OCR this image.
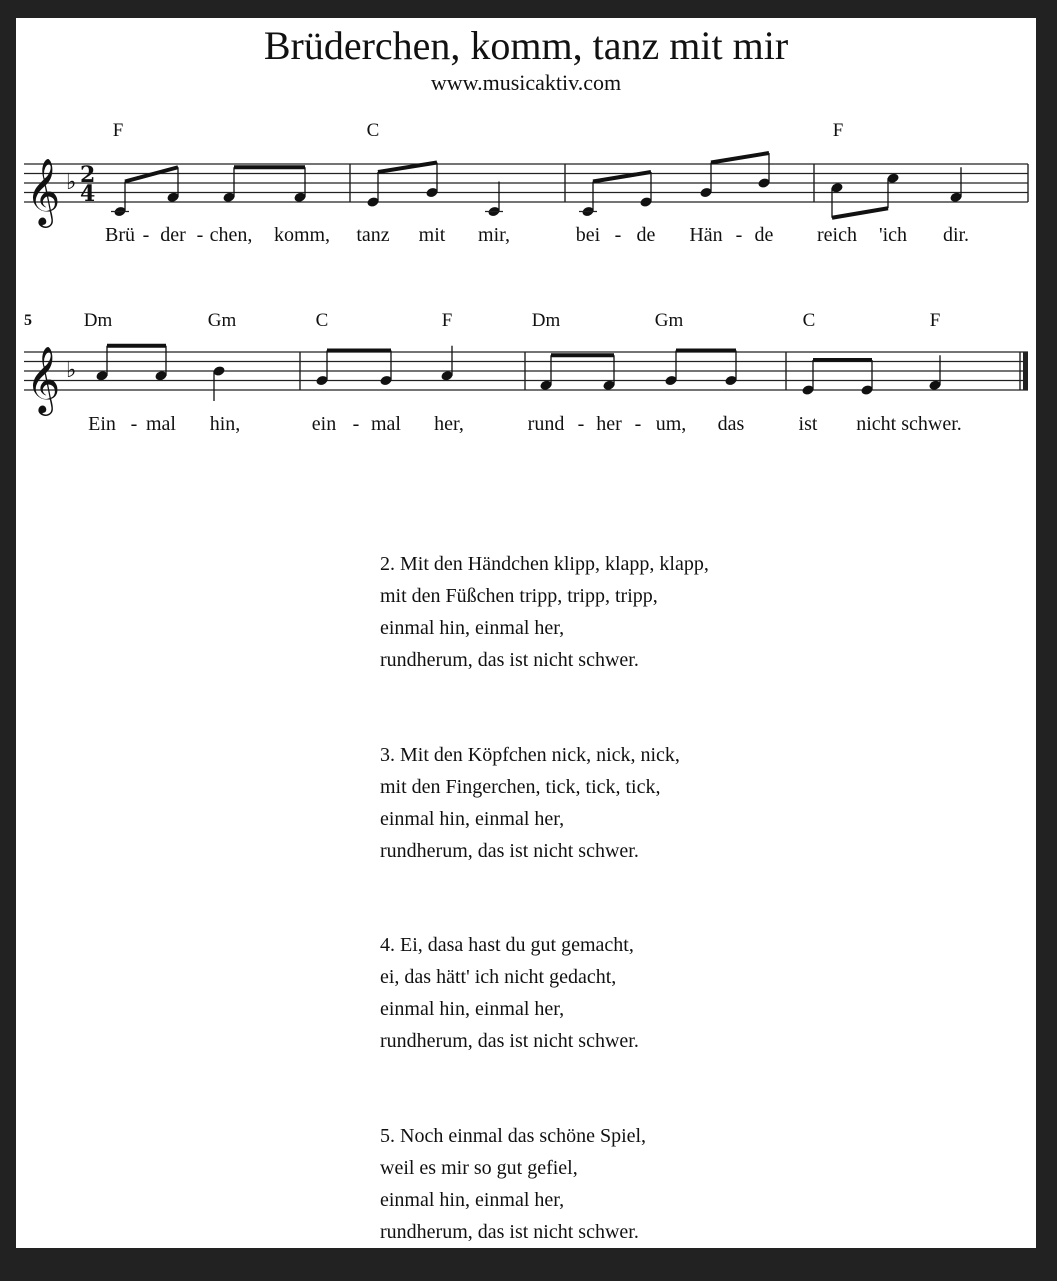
Brüderchen, komm, tanz mit mir
www.musicaktiv.com
𝄞 ♭ 2
4
𝄞 ♭
F	C	F
Brü - der - chen, komm, tanz mit mir,	bei - de Hän - de reich 'ich dir.
5	Dm	Gm	C	F	Dm	Gm	C	F
Ein - mal hin,	ein - mal her,	rund - her - um, das	ist nicht schwer.
2. Mit den Händchen klipp, klapp, klapp,
mit den Füßchen tripp, tripp, tripp,
einmal hin, einmal her,
rundherum, das ist nicht schwer.
3. Mit den Köpfchen nick, nick, nick,
mit den Fingerchen, tick, tick, tick,
einmal hin, einmal her,
rundherum, das ist nicht schwer.
4. Ei, dasa hast du gut gemacht,
ei, das hätt' ich nicht gedacht,
einmal hin, einmal her,
rundherum, das ist nicht schwer.
5. Noch einmal das schöne Spiel,
weil es mir so gut gefiel,
einmal hin, einmal her,
rundherum, das ist nicht schwer.
